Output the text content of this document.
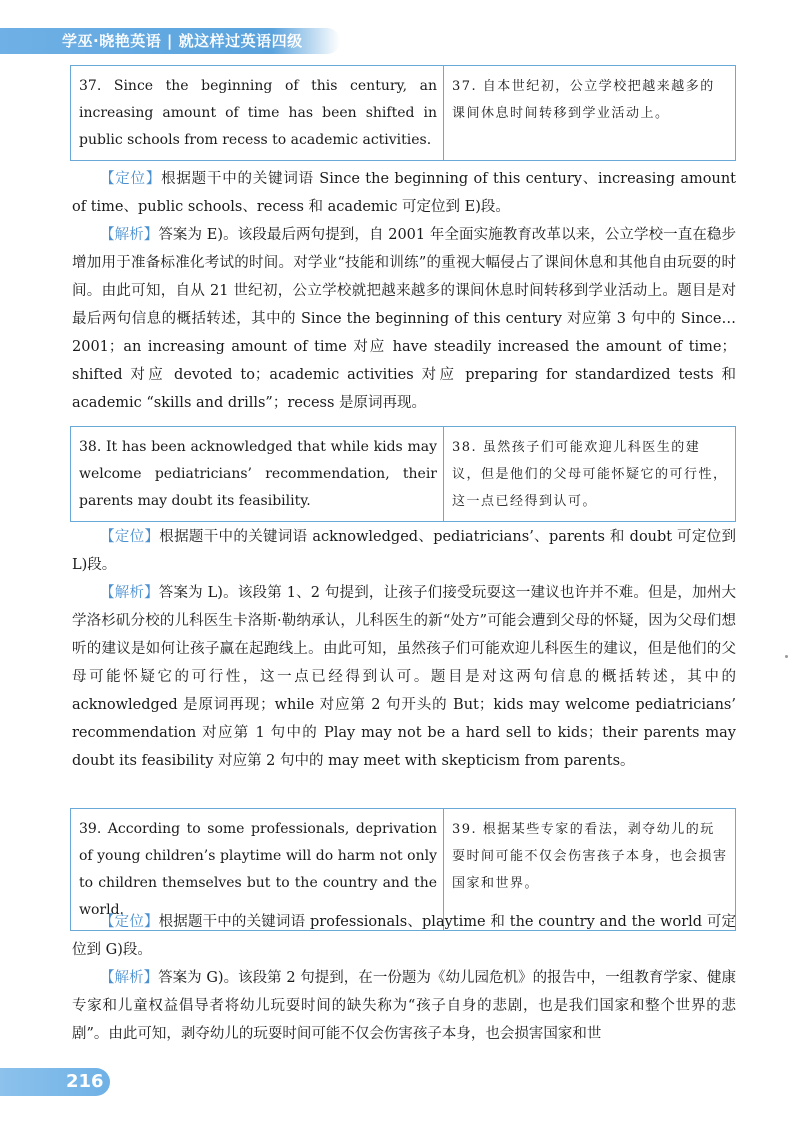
学巫·晓艳英语 | 就这样过英语四级
37. Since the beginning of this century, an increasing amount of time has been shifted in public schools from recess to academic activities.
37. 自本世纪初，公立学校把越来越多的课间休息时间转移到学业活动上。
【定位】根据题干中的关键词语 Since the beginning of this century、increasing amount of time、public schools、recess 和 academic 可定位到 E)段。
【解析】答案为 E)。该段最后两句提到，自 2001 年全面实施教育改革以来，公立学校一直在稳步增加用于准备标准化考试的时间。对学业“技能和训练”的重视大幅侵占了课间休息和其他自由玩耍的时间。由此可知，自从 21 世纪初，公立学校就把越来越多的课间休息时间转移到学业活动上。题目是对最后两句信息的概括转述，其中的 Since the beginning of this century 对应第 3 句中的 Since…2001；an increasing amount of time 对应 have steadily increased the amount of time；shifted 对应 devoted to；academic activities 对应 preparing for standardized tests 和 academic “skills and drills”；recess 是原词再现。
38. It has been acknowledged that while kids may welcome pediatricians’ recommendation, their parents may doubt its feasibility.
38. 虽然孩子们可能欢迎儿科医生的建议，但是他们的父母可能怀疑它的可行性，这一点已经得到认可。
【定位】根据题干中的关键词语 acknowledged、pediatricians’、parents 和 doubt 可定位到 L)段。
【解析】答案为 L)。该段第 1、2 句提到，让孩子们接受玩耍这一建议也许并不难。但是，加州大学洛杉矶分校的儿科医生卡洛斯·勒纳承认，儿科医生的新“处方”可能会遭到父母的怀疑，因为父母们想听的建议是如何让孩子赢在起跑线上。由此可知，虽然孩子们可能欢迎儿科医生的建议，但是他们的父母可能怀疑它的可行性，这一点已经得到认可。题目是对这两句信息的概括转述，其中的 acknowledged 是原词再现；while 对应第 2 句开头的 But；kids may welcome pediatricians’ recommendation 对应第 1 句中的 Play may not be a hard sell to kids；their parents may doubt its feasibility 对应第 2 句中的 may meet with skepticism from parents。
39. According to some professionals, deprivation of young children’s playtime will do harm not only to children themselves but to the country and the world.
39. 根据某些专家的看法，剥夺幼儿的玩耍时间可能不仅会伤害孩子本身，也会损害国家和世界。
【定位】根据题干中的关键词语 professionals、playtime 和 the country and the world 可定位到 G)段。
【解析】答案为 G)。该段第 2 句提到，在一份题为《幼儿园危机》的报告中，一组教育学家、健康专家和儿童权益倡导者将幼儿玩耍时间的缺失称为“孩子自身的悲剧，也是我们国家和整个世界的悲剧”。由此可知，剥夺幼儿的玩耍时间可能不仅会伤害孩子本身，也会损害国家和世
216
